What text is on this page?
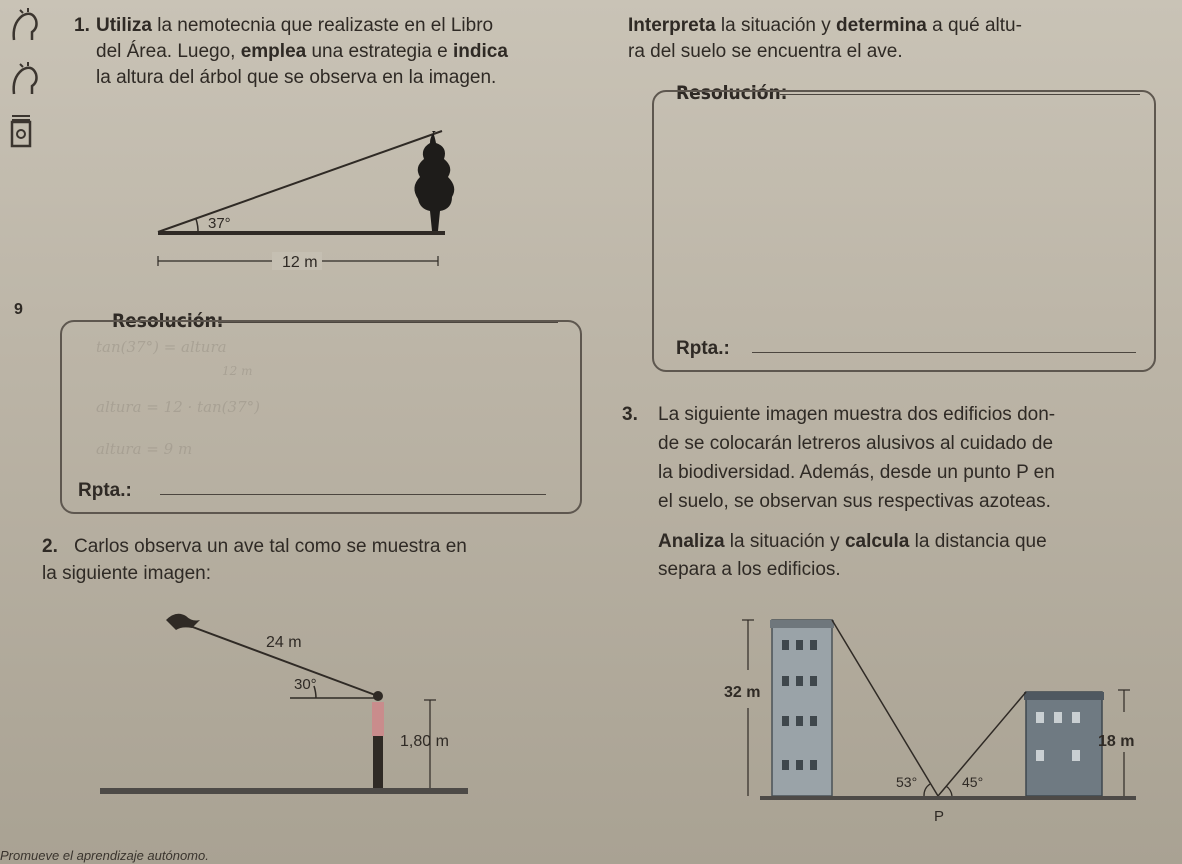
9
1. Utiliza la nemotecnia que realizaste en el Libro
del Área. Luego, emplea una estrategia e indica
la altura del árbol que se observa en la imagen.
37°
12 m
Resolución:
tan(37°) = altura
12 m
altura = 12 · tan(37°)
altura = 9 m
Rpta.:
2. Carlos observa un ave tal como se muestra en
la siguiente imagen:
24 m
30°
1,80 m
Interpreta la situación y determina a qué altu-
ra del suelo se encuentra el ave.
Resolución:
Rpta.:
3. La siguiente imagen muestra dos edificios don-
de se colocarán letreros alusivos al cuidado de
la biodiversidad. Además, desde un punto P en
el suelo, se observan sus respectivas azoteas.
Analiza la situación y calcula la distancia que
separa a los edificios.
32 m
18 m
53°	45°
P
Promueve el aprendizaje autónomo.
